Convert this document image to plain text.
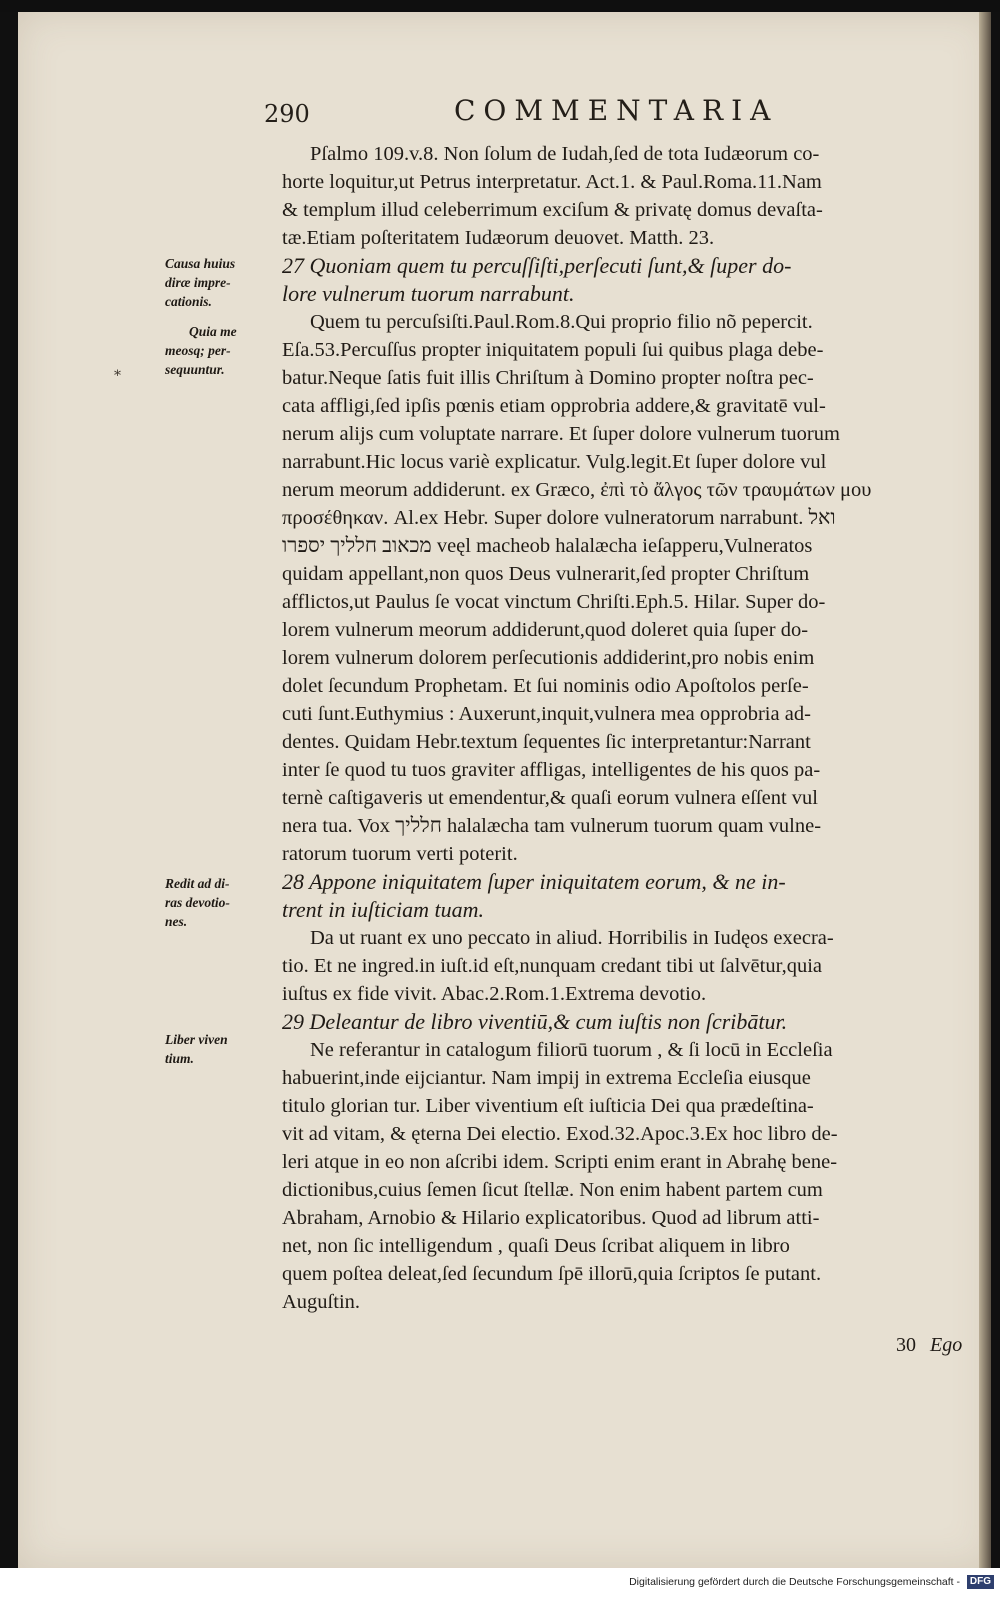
290	COMMENTARIA
*
Causa huius
diræ impre-
cationis.
Quia me
meosq; per-
sequuntur.
Redit ad di-
ras devotio-
nes.
Liber viven
tium.
Pſalmo 109.v.8. Non ſolum de Iudah,ſed de tota Iudæorum co-
horte loquitur,ut Petrus interpretatur. Act.1. & Paul.Roma.11.Nam
& templum illud celeberrimum exciſum & privatę domus devaſta-
tæ.Etiam poſteritatem Iudæorum deuovet. Matth. 23.
27 Quoniam quem tu percuſſiſti,perſecuti ſunt,& ſuper do-
lore vulnerum tuorum narrabunt.
Quem tu percuſsiſti.Paul.Rom.8.Qui proprio filio nõ pepercit.
Eſa.53.Percuſſus propter iniquitatem populi ſui quibus plaga debe-
batur.Neque ſatis fuit illis Chriſtum à Domino propter noſtra pec-
cata affligi,ſed ipſis pœnis etiam opprobria addere,& gravitatē vul-
nerum alijs cum voluptate narrare. Et ſuper dolore vulnerum tuorum
narrabunt.Hic locus variè explicatur. Vulg.legit.Et ſuper dolore vul
nerum meorum addiderunt. ex Græco, ἐπὶ τὸ ἄλγος τῶν τραυμάτων μου
προσέθηκαν. Al.ex Hebr. Super dolore vulneratorum narrabunt. ואל
מכאוב חלליך יספרו veęl macheob halalæcha ieſapperu,Vulneratos
quidam appellant,non quos Deus vulnerarit,ſed propter Chriſtum
afflictos,ut Paulus ſe vocat vinctum Chriſti.Eph.5. Hilar. Super do-
lorem vulnerum meorum addiderunt,quod doleret quia ſuper do-
lorem vulnerum dolorem perſecutionis addiderint,pro nobis enim
dolet ſecundum Prophetam. Et ſui nominis odio Apoſtolos perſe-
cuti ſunt.Euthymius : Auxerunt,inquit,vulnera mea opprobria ad-
dentes. Quidam Hebr.textum ſequentes ſic interpretantur:Narrant
inter ſe quod tu tuos graviter affligas, intelligentes de his quos pa-
ternè caſtigaveris ut emendentur,& quaſi eorum vulnera eſſent vul
nera tua. Vox חלליך halalæcha tam vulnerum tuorum quam vulne-
ratorum tuorum verti poterit.
28 Appone iniquitatem ſuper iniquitatem eorum, & ne in-
trent in iuſticiam tuam.
Da ut ruant ex uno peccato in aliud. Horribilis in Iudęos execra-
tio. Et ne ingred.in iuſt.id eſt,nunquam credant tibi ut ſalvētur,quia
iuſtus ex fide vivit. Abac.2.Rom.1.Extrema devotio.
29 Deleantur de libro viventiū,& cum iuſtis non ſcribātur.
Ne referantur in catalogum filiorū tuorum , & ſi locū in Eccleſia
habuerint,inde eijciantur. Nam impij in extrema Eccleſia eiusque
titulo glorian tur. Liber viventium eſt iuſticia Dei qua prædeſtina-
vit ad vitam, & ęterna Dei electio. Exod.32.Apoc.3.Ex hoc libro de-
leri atque in eo non aſcribi idem. Scripti enim erant in Abrahę bene-
dictionibus,cuius ſemen ſicut ſtellæ. Non enim habent partem cum
Abraham, Arnobio & Hilario explicatoribus. Quod ad librum atti-
net, non ſic intelligendum , quaſi Deus ſcribat aliquem in libro
quem poſtea deleat,ſed ſecundum ſpē illorū,quia ſcriptos ſe putant.
Auguſtin.
30 Ego
Digitalisierung gefördert durch die Deutsche Forschungsgemeinschaft - DFG
